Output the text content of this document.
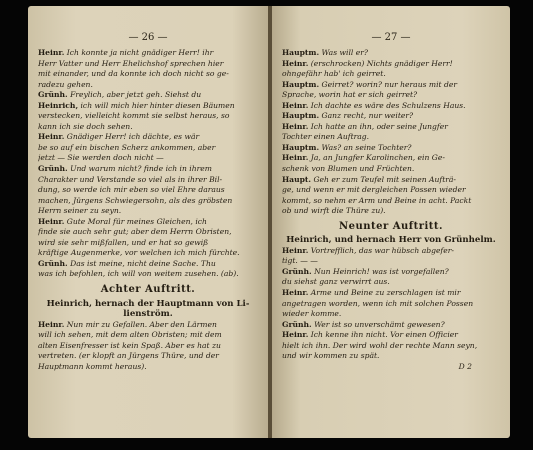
— 26 —
Heinr. Ich konnte ja nicht gnädiger Herr! ihr
Herr Vatter und Herr Ehelichshof sprechen hier
mit einander, und da konnte ich doch nicht so ge-
radezu gehen.
Grünh. Freylich, aber jetzt geh. Siehst du
Heinrich, ich will mich hier hinter diesen Bäumen
verstecken, vielleicht kommt sie selbst heraus, so
kann ich sie doch sehen.
Heinr. Gnädiger Herr! ich dächte, es wär
be so auf ein bischen Scherz ankommen, aber
jetzt — Sie werden doch nicht —
Grünh. Und warum nicht? finde ich in ihrem
Charakter und Verstande so viel als in ihrer Bil-
dung, so werde ich mir eben so viel Ehre daraus
machen, Jürgens Schwiegersohn, als des gröbsten
Herrn seiner zu seyn.
Heinr. Gute Moral für meines Gleichen, ich
finde sie auch sehr gut; aber dem Herrn Obristen,
wird sie sehr mißfallen, und er hat so gewiß
kräftige Augenmerke, vor welchen ich mich fürchte.
Grünh. Das ist meine, nicht deine Sache. Thu
was ich befohlen, ich will von weitem zusehen. (ab).
Achter Auftritt.
Heinrich, hernach der Hauptmann von Li-
lienström.
Heinr. Nun mir zu Gefallen. Aber den Lärmen
will ich sehen, mit dem alten Obristen; mit dem
alten Eisenfresser ist kein Spaß. Aber es hat zu
vertreten. (er klopft an Jürgens Thüre, und der
Hauptmann kommt heraus).
— 27 —
Hauptm. Was will er?
Heinr. (erschrocken) Nichts gnädiger Herr!
ohngefähr hab' ich geirret.
Hauptm. Geirret? worin? nur heraus mit der
Sprache, worin hat er sich geirret?
Heinr. Ich dachte es wäre des Schulzens Haus.
Hauptm. Ganz recht, nur weiter?
Heinr. Ich hatte an ihn, oder seine Jungfer
Tochter einen Auftrag.
Hauptm. Was? an seine Tochter?
Heinr. Ja, an Jungfer Karolinchen, ein Ge-
schenk von Blumen und Früchten.
Haupt. Geh er zum Teufel mit seinen Aufträ-
ge, und wenn er mit dergleichen Possen wieder
kommt, so nehm er Arm und Beine in acht. Packt
ob und wirft die Thüre zu).
Neunter Auftritt.
Heinrich, und hernach Herr von Grünhelm.
Heinr. Vortrefflich, das war hübsch abgefer-
tigt. — —
Grünh. Nun Heinrich! was ist vorgefallen?
du siehst ganz verwirrt aus.
Heinr. Arme und Beine zu zerschlagen ist mir
angetragen worden, wenn ich mit solchen Possen
wieder komme.
Grünh. Wer ist so unverschämt gewesen?
Heinr. Ich kenne ihn nicht. Vor einen Officier
hielt ich ihn. Der wird wohl der rechte Mann seyn,
und wir kommen zu spät.
D 2
